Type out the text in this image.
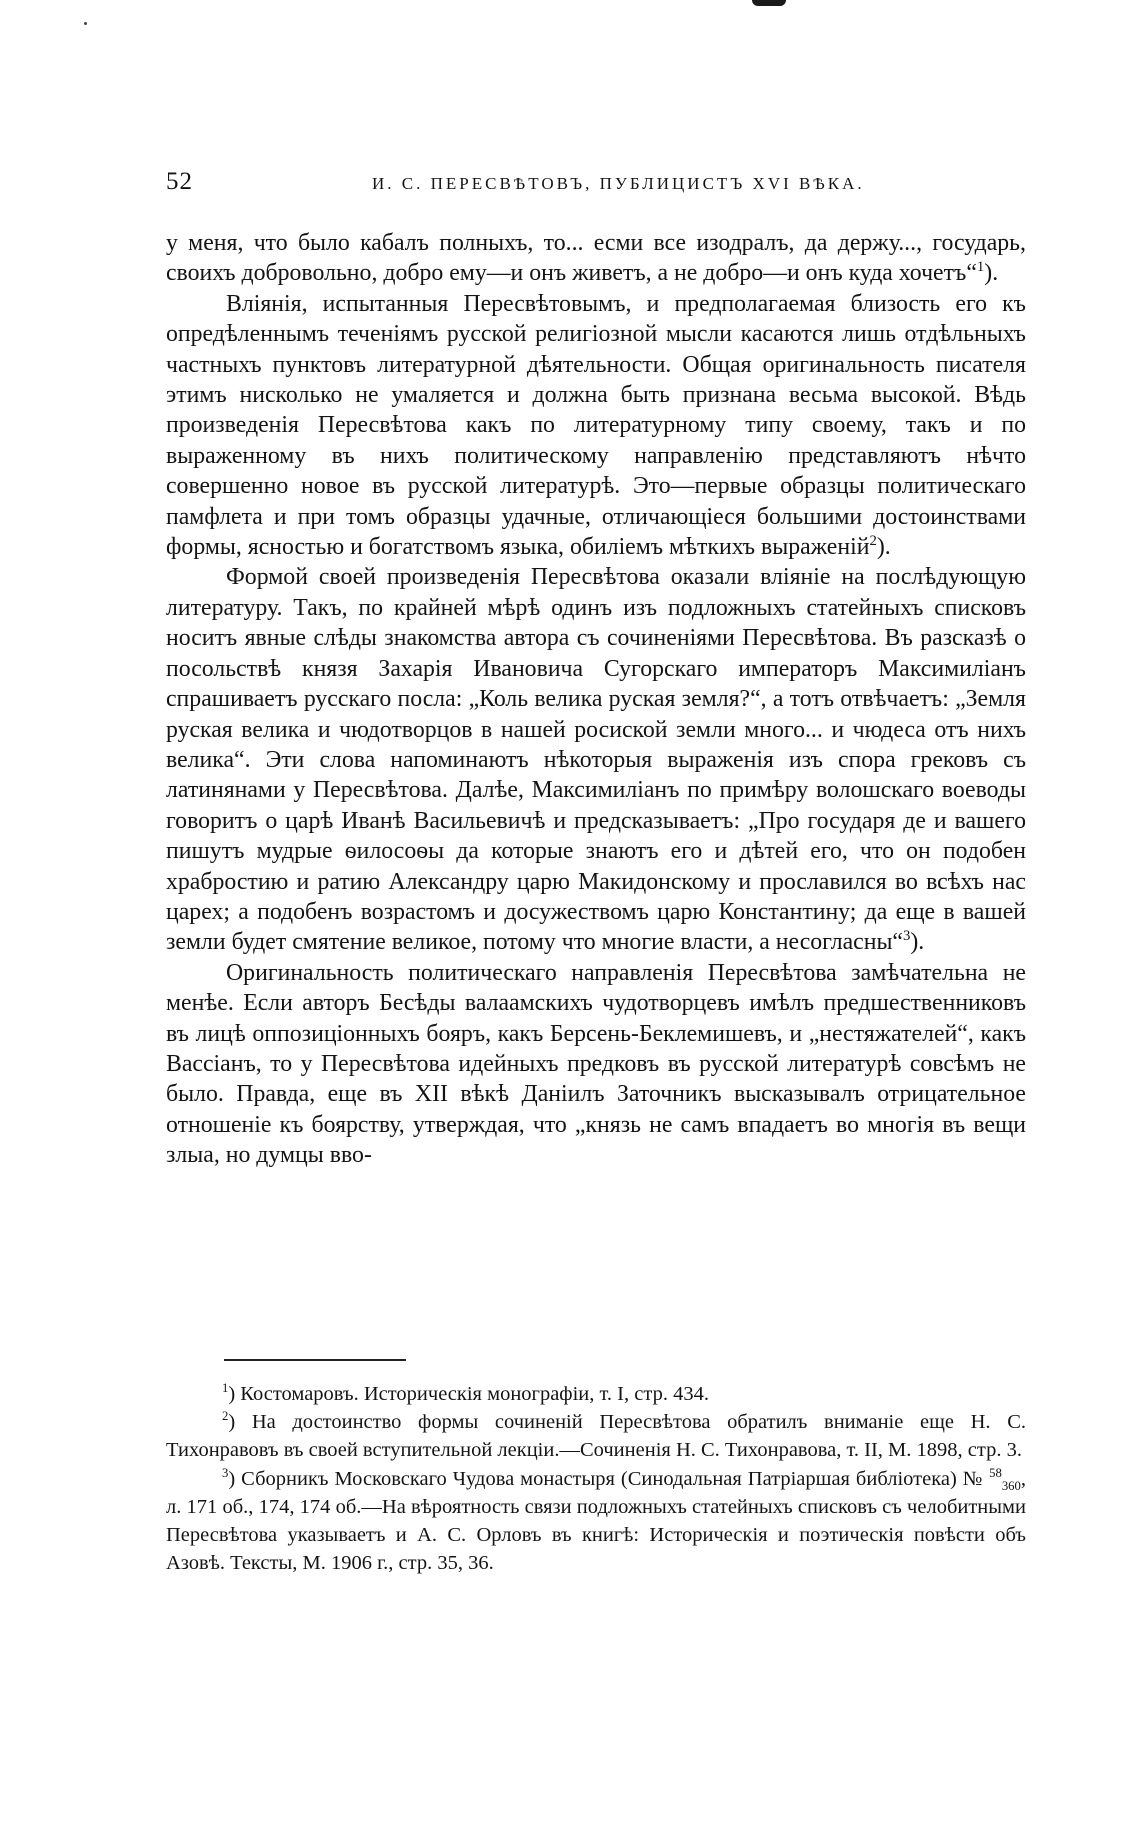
52	И. С. ПЕРЕСВѢТОВЪ, ПУБЛИЦИСТЪ XVI ВѢКА.

у меня, что было кабалъ полныхъ, то... есми все изодралъ, да держу..., государь, своихъ добровольно, добро ему—и онъ живетъ, а не добро—и онъ куда хочетъ“$^1$).

Вліянія, испытанныя Пересвѣтовымъ, и предполагаемая близость его къ опредѣленнымъ теченіямъ русской религіозной мысли касаются лишь отдѣльныхъ частныхъ пунктовъ литературной дѣятельности. Общая оригинальность писателя этимъ нисколько не умаляется и должна быть признана весьма высокой. Вѣдь произведенія Пересвѣтова какъ по литературному типу своему, такъ и по выраженному въ нихъ политическому направленію представляютъ нѣчто совершенно новое въ русской литературѣ. Это—первые образцы политическаго памфлета и при томъ образцы удачные, отличающіеся большими достоинствами формы, ясностью и богатствомъ языка, обиліемъ мѣткихъ выраженій$^2$).

Формой своей произведенія Пересвѣтова оказали вліяніе на послѣдующую литературу. Такъ, по крайней мѣрѣ одинъ изъ подложныхъ статейныхъ списковъ носитъ явные слѣды знакомства автора съ сочиненіями Пересвѣтова. Въ разсказѣ о посольствѣ князя Захарія Ивановича Сугорскаго императоръ Максимиліанъ спрашиваетъ русскаго посла: „Коль велика руская земля?“, а тотъ отвѣчаетъ: „Земля руская велика и чюдотворцов в нашей росиской земли много... и чюдеса отъ нихъ велика“. Эти слова напоминаютъ нѣкоторыя выраженія изъ спора грековъ съ латинянами у Пересвѣтова. Далѣе, Максимиліанъ по примѣру волошскаго воеводы говоритъ о царѣ Иванѣ Васильевичѣ и предсказываетъ: „Про государя де и вашего пишутъ мудрые ѳилосоѳы да которые знаютъ его и дѣтей его, что он подобен храбростию и ратию Александру царю Макидонскому и прославился во всѣхъ нас царех; а подобенъ возрастомъ и досужествомъ царю Константину; да еще в вашей земли будет смятение великое, потому что многие власти, а несогласны“$^3$).

Оригинальность политическаго направленія Пересвѣтова замѣчательна не менѣе. Если авторъ Бесѣды валаамскихъ чудотворцевъ имѣлъ предшественниковъ въ лицѣ оппозиціонныхъ бояръ, какъ Берсень-Беклемишевъ, и „нестяжателей“, какъ Вассіанъ, то у Пересвѣтова идейныхъ предковъ въ русской литературѣ совсѣмъ не было. Правда, еще въ XII вѣкѣ Даніилъ Заточникъ высказывалъ отрицательное отношеніе къ боярству, утверждая, что „князь не самъ впадаетъ во многія въ вещи злыа, но думцы вво-

$^1$) Костомаровъ. Историческія монографіи, т. I, стр. 434.

$^2$) На достоинство формы сочиненій Пересвѣтова обратилъ вниманіе еще Н. С. Тихонравовъ въ своей вступительной лекціи.—Сочиненія Н. С. Тихонравова, т. II, М. 1898, стр. 3.

$^3$) Сборникъ Московскаго Чудова монастыря (Синодальная Патріаршая библіотека) № $^{58}_{360}$, л. 171 об., 174, 174 об.—На вѣроятность связи подложныхъ статейныхъ списковъ съ челобитными Пересвѣтова указываетъ и А. С. Орловъ въ книгѣ: Историческія и поэтическія повѣсти объ Азовѣ. Тексты, М. 1906 г., стр. 35, 36.
